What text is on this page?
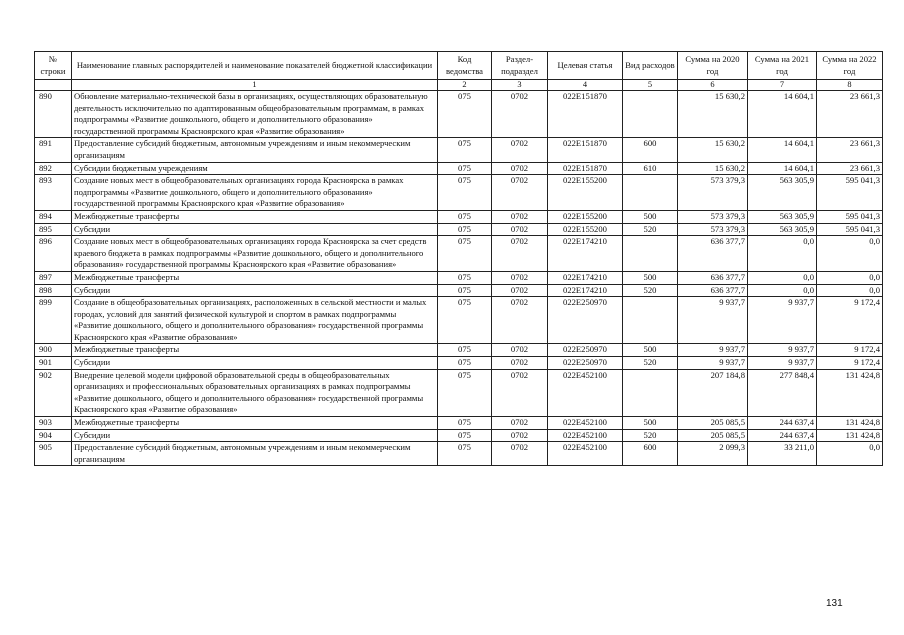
№ строки	Наименование главных распорядителей и наименование показателей бюджетной классификации	Код ведомства	Раздел-подраздел	Целевая статья	Вид расходов	Сумма на 2020 год	Сумма на 2021 год	Сумма на 2022 год
	1	2	3	4	5	6	7	8
890	Обновление материально-технической базы в организациях, осуществляющих образовательную деятельность исключительно по адаптированным общеобразовательным программам, в рамках подпрограммы «Развитие дошкольного, общего и дополнительного образования» государственной программы Красноярского края «Развитие образования»	075	0702	022E151870		15 630,2	14 604,1	23 661,3
891	Предоставление субсидий бюджетным, автономным учреждениям и иным некоммерческим организациям	075	0702	022E151870	600	15 630,2	14 604,1	23 661,3
892	Субсидии бюджетным учреждениям	075	0702	022E151870	610	15 630,2	14 604,1	23 661,3
893	Создание новых мест в общеобразовательных организациях города Красноярска в рамках подпрограммы «Развитие дошкольного, общего и дополнительного образования» государственной программы Красноярского края «Развитие образования»	075	0702	022E155200		573 379,3	563 305,9	595 041,3
894	Межбюджетные трансферты	075	0702	022E155200	500	573 379,3	563 305,9	595 041,3
895	Субсидии	075	0702	022E155200	520	573 379,3	563 305,9	595 041,3
896	Создание новых мест в общеобразовательных организациях города Красноярска за счет средств краевого бюджета в рамках подпрограммы «Развитие дошкольного, общего и дополнительного образования» государственной программы Красноярского края «Развитие образования»	075	0702	022E174210		636 377,7	0,0	0,0
897	Межбюджетные трансферты	075	0702	022E174210	500	636 377,7	0,0	0,0
898	Субсидии	075	0702	022E174210	520	636 377,7	0,0	0,0
899	Создание в общеобразовательных организациях, расположенных в сельской местности и малых городах, условий для занятий физической культурой и спортом в рамках подпрограммы «Развитие дошкольного, общего и дополнительного образования» государственной программы Красноярского края «Развитие образования»	075	0702	022E250970		9 937,7	9 937,7	9 172,4
900	Межбюджетные трансферты	075	0702	022E250970	500	9 937,7	9 937,7	9 172,4
901	Субсидии	075	0702	022E250970	520	9 937,7	9 937,7	9 172,4
902	Внедрение целевой модели цифровой образовательной среды в общеобразовательных организациях и профессиональных образовательных организациях в рамках подпрограммы «Развитие дошкольного, общего и дополнительного образования» государственной программы Красноярского края «Развитие образования»	075	0702	022E452100		207 184,8	277 848,4	131 424,8
903	Межбюджетные трансферты	075	0702	022E452100	500	205 085,5	244 637,4	131 424,8
904	Субсидии	075	0702	022E452100	520	205 085,5	244 637,4	131 424,8
905	Предоставление субсидий бюджетным, автономным учреждениям и иным некоммерческим организациям	075	0702	022E452100	600	2 099,3	33 211,0	0,0
131
